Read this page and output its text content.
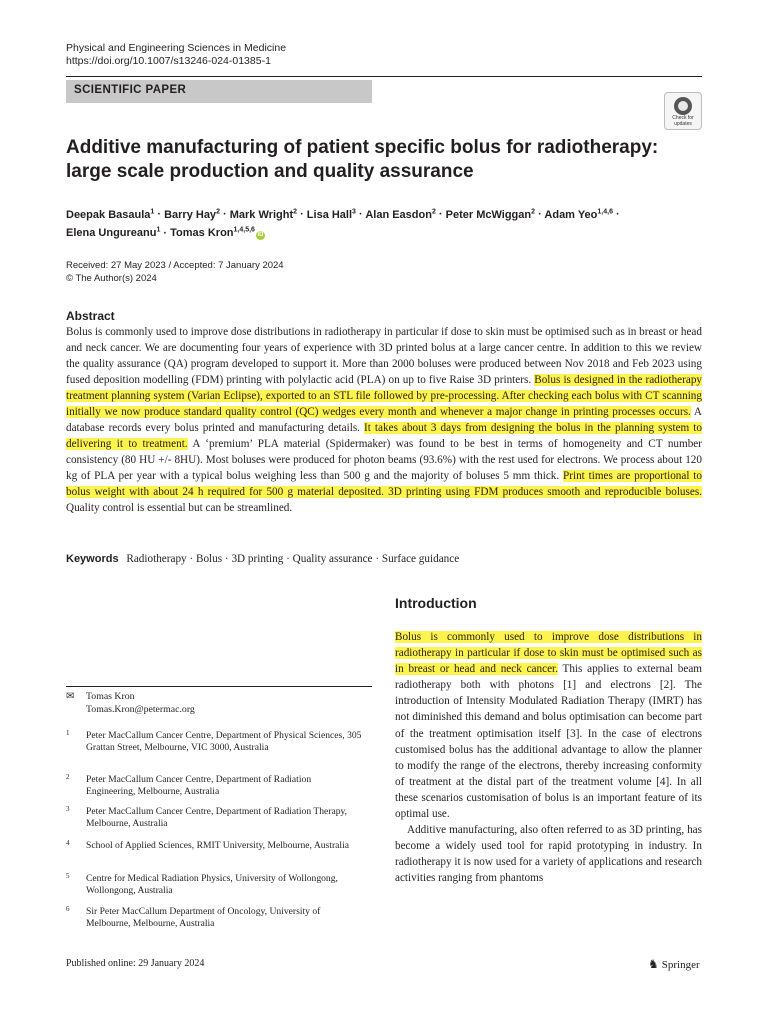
Physical and Engineering Sciences in Medicine
https://doi.org/10.1007/s13246-024-01385-1
SCIENTIFIC PAPER
Check for
updates
Additive manufacturing of patient specific bolus for radiotherapy:
large scale production and quality assurance
Deepak Basaula$^1$ · Barry Hay$^2$ · Mark Wright$^2$ · Lisa Hall$^3$ · Alan Easdon$^2$ · Peter McWiggan$^2$ · Adam Yeo$^{1,4,6}$ ·
Elena Ungureanu$^1$ · Tomas Kron$^{1,4,5,6}$iD
Received: 27 May 2023 / Accepted: 7 January 2024
© The Author(s) 2024
Abstract
Bolus is commonly used to improve dose distributions in radiotherapy in particular if dose to skin must be optimised such as in breast or head and neck cancer. We are documenting four years of experience with 3D printed bolus at a large cancer centre. In addition to this we review the quality assurance (QA) program developed to support it. More than 2000 boluses were produced between Nov 2018 and Feb 2023 using fused deposition modelling (FDM) printing with polylactic acid (PLA) on up to five Raise 3D printers. Bolus is designed in the radiotherapy treatment planning system (Varian Eclipse), exported to an STL file followed by pre-processing. After checking each bolus with CT scanning initially we now produce standard quality control (QC) wedges every month and whenever a major change in printing processes occurs. A database records every bolus printed and manufacturing details. It takes about 3 days from designing the bolus in the planning system to delivering it to treatment. A ‘premium’ PLA material (Spidermaker) was found to be best in terms of homogeneity and CT number consistency (80 HU +/- 8HU). Most boluses were produced for photon beams (93.6%) with the rest used for electrons. We process about 120 kg of PLA per year with a typical bolus weighing less than 500 g and the majority of boluses 5 mm thick. Print times are proportional to bolus weight with about 24 h required for 500 g material deposited. 3D printing using FDM produces smooth and reproducible boluses. Quality control is essential but can be streamlined.
Keywords Radiotherapy · Bolus · 3D printing · Quality assurance · Surface guidance
Introduction

Bolus is commonly used to improve dose distributions in radiotherapy in particular if dose to skin must be optimised such as in breast or head and neck cancer. This applies to external beam radiotherapy both with photons [1] and electrons [2]. The introduction of Intensity Modulated Radiation Therapy (IMRT) has not diminished this demand and bolus optimisation can become part of the treatment optimisation itself [3]. In the case of electrons customised bolus has the additional advantage to allow the planner to modify the range of the electrons, thereby increasing conformity of treatment at the distal part of the treatment volume [4]. In all these scenarios customisation of bolus is an important feature of its optimal use.

Additive manufacturing, also often referred to as 3D printing, has become a widely used tool for rapid prototyping in industry. In radiotherapy it is now used for a variety of applications and research activities ranging from phantoms

✉ Tomas Kron
Tomas.Kron@petermac.org
1 Peter MacCallum Cancer Centre, Department of Physical Sciences, 305 Grattan Street, Melbourne, VIC 3000, Australia
2 Peter MacCallum Cancer Centre, Department of Radiation Engineering, Melbourne, Australia
3 Peter MacCallum Cancer Centre, Department of Radiation Therapy, Melbourne, Australia
4 School of Applied Sciences, RMIT University, Melbourne, Australia
5 Centre for Medical Radiation Physics, University of Wollongong, Wollongong, Australia
6 Sir Peter MacCallum Department of Oncology, University of Melbourne, Melbourne, Australia
Published online: 29 January 2024	♞ Springer
